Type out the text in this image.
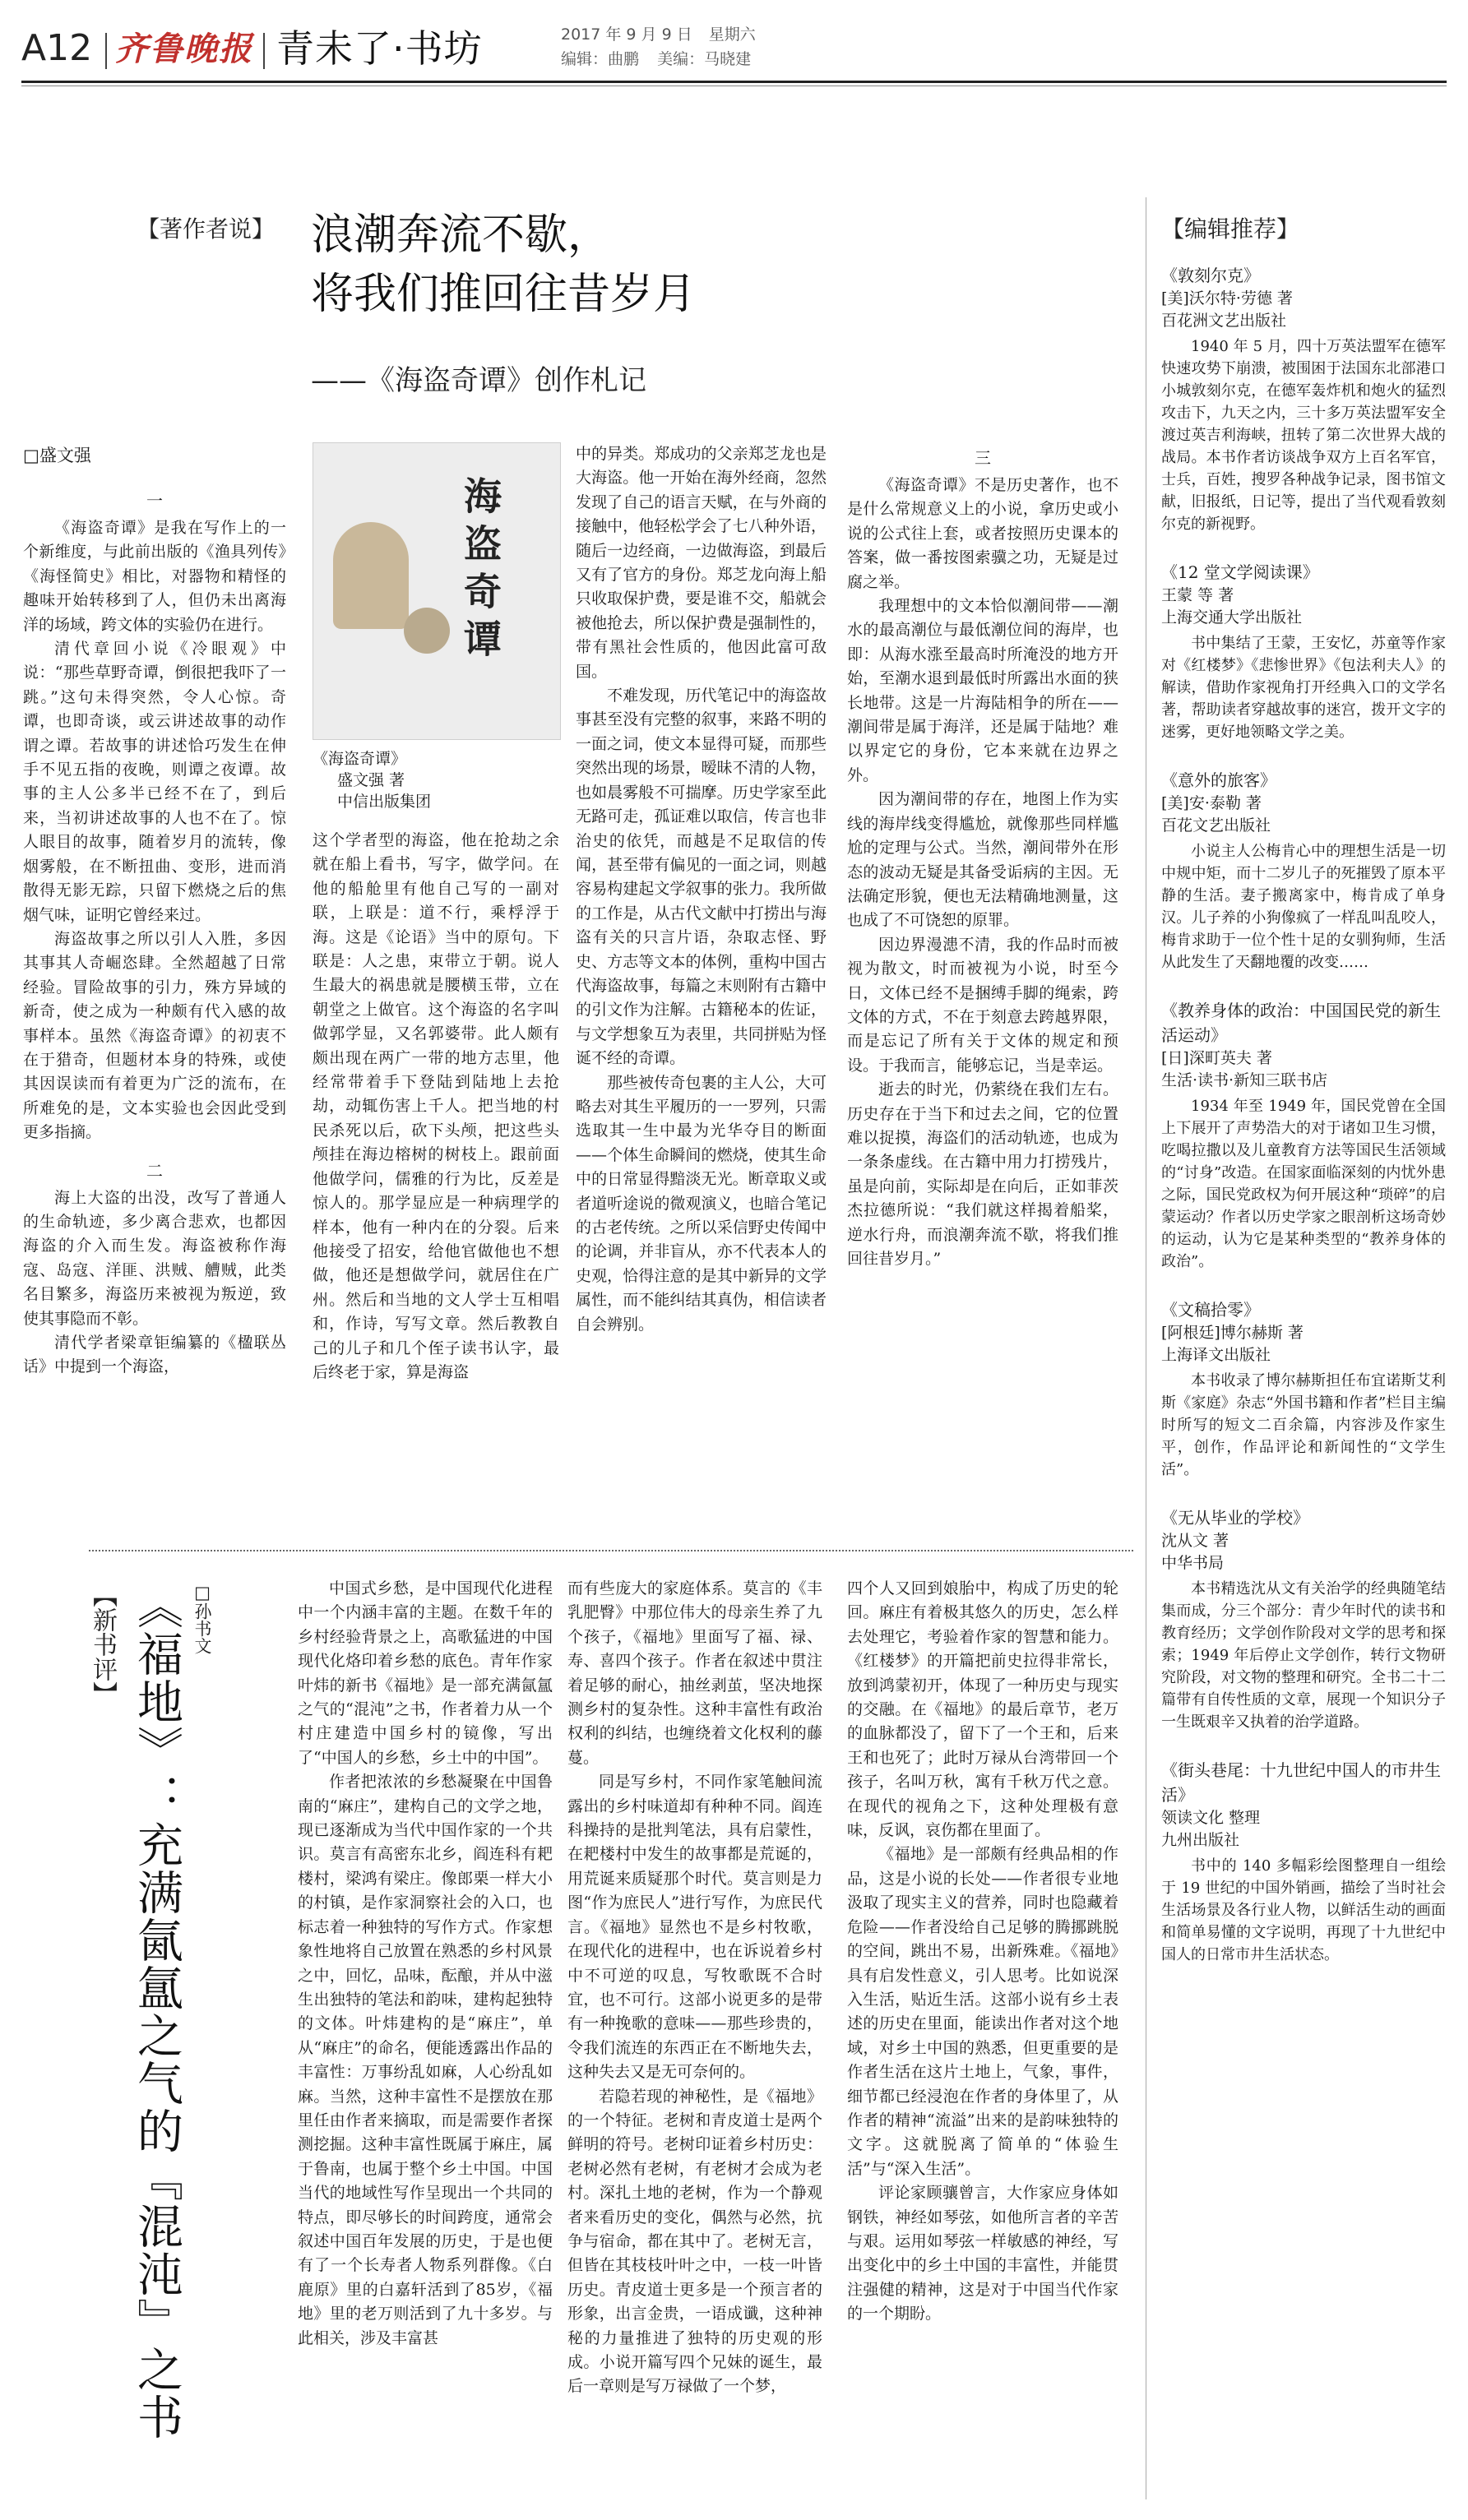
A12 齐鲁晚报 青未了·书坊	2017 年 9 月 9 日 星期六
编辑：曲鹏 美编：马晓建
【著作者说】 浪潮奔流不歇，
将我们推回往昔岁月
——《海盗奇谭》创作札记
□盛文强

一

《海盗奇谭》是我在写作上的一个新维度，与此前出版的《渔具列传》《海怪简史》相比，对器物和精怪的趣味开始转移到了人，但仍未出离海洋的场域，跨文体的实验仍在进行。

清代章回小说《冷眼观》中说：“那些草野奇谭，倒很把我吓了一跳。”这句未得突然，令人心惊。奇谭，也即奇谈，或云讲述故事的动作谓之谭。若故事的讲述恰巧发生在伸手不见五指的夜晚，则谭之夜谭。故事的主人公多半已经不在了，到后来，当初讲述故事的人也不在了。惊人眼目的故事，随着岁月的流转，像烟雾般，在不断扭曲、变形，进而消散得无影无踪，只留下燃烧之后的焦烟气味，证明它曾经来过。

海盗故事之所以引人入胜，多因其事其人奇崛恣肆。全然超越了日常经验。冒险故事的引力，殊方异域的新奇，使之成为一种颇有代入感的故事样本。虽然《海盗奇谭》的初衷不在于猎奇，但题材本身的特殊，或使其因误读而有着更为广泛的流布，在所难免的是，文本实验也会因此受到更多指摘。

二

海上大盗的出没，改写了普通人的生命轨迹，多少离合悲欢，也都因海盗的介入而生发。海盗被称作海寇、岛寇、洋匪、洪贼、艚贼，此类名目繁多，海盗历来被视为叛逆，致使其事隐而不彰。

清代学者梁章钜编纂的《楹联丛话》中提到一个海盗，

海盗奇谭
《海盗奇谭》
盛文强 著
中信出版集团

这个学者型的海盗，他在抢劫之余就在船上看书，写字，做学问。在他的船舱里有他自己写的一副对联，上联是：道不行，乘桴浮于海。这是《论语》当中的原句。下联是：人之患，束带立于朝。说人生最大的祸患就是腰横玉带，立在朝堂之上做官。这个海盗的名字叫做郭学显，又名郭婆带。此人颇有颇出现在两广一带的地方志里，他经常带着手下登陆到陆地上去抢劫，动辄伤害上千人。把当地的村民杀死以后，砍下头颅，把这些头颅挂在海边榕树的树枝上。跟前面他做学问，儒雅的行为比，反差是惊人的。那学显应是一种病理学的样本，他有一种内在的分裂。后来他接受了招安，给他官做他也不想做，他还是想做学问，就居住在广州。然后和当地的文人学士互相唱和，作诗，写写文章。然后教教自己的儿子和几个侄子读书认字，最后终老于家，算是海盗

中的异类。郑成功的父亲郑芝龙也是大海盗。他一开始在海外经商，忽然发现了自己的语言天赋，在与外商的接触中，他轻松学会了七八种外语，随后一边经商，一边做海盗，到最后又有了官方的身份。郑芝龙向海上船只收取保护费，要是谁不交，船就会被他抢去，所以保护费是强制性的，带有黑社会性质的，他因此富可敌国。

不难发现，历代笔记中的海盗故事甚至没有完整的叙事，来路不明的一面之词，使文本显得可疑，而那些突然出现的场景，暧昧不清的人物，也如晨雾般不可揣摩。历史学家至此无路可走，孤证难以取信，传言也非治史的依凭，而越是不足取信的传闻，甚至带有偏见的一面之词，则越容易构建起文学叙事的张力。我所做的工作是，从古代文献中打捞出与海盗有关的只言片语，杂取志怪、野史、方志等文本的体例，重构中国古代海盗故事，每篇之末则附有古籍中的引文作为注解。古籍秘本的佐证，与文学想象互为表里，共同拼贴为怪诞不经的奇谭。

那些被传奇包裹的主人公，大可略去对其生平履历的一一罗列，只需选取其一生中最为光华夺目的断面——个体生命瞬间的燃烧，使其生命中的日常显得黯淡无光。断章取义或者道听途说的微观演义，也暗合笔记的古老传统。之所以采信野史传闻中的论调，并非盲从，亦不代表本人的史观，恰得注意的是其中新异的文学属性，而不能纠结其真伪，相信读者自会辨别。

三

《海盗奇谭》不是历史著作，也不是什么常规意义上的小说，拿历史或小说的公式往上套，或者按照历史课本的答案，做一番按图索骥之功，无疑是过腐之举。

我理想中的文本恰似潮间带——潮水的最高潮位与最低潮位间的海岸，也即：从海水涨至最高时所淹没的地方开始，至潮水退到最低时所露出水面的狭长地带。这是一片海陆相争的所在——潮间带是属于海洋，还是属于陆地？难以界定它的身份，它本来就在边界之外。

因为潮间带的存在，地图上作为实线的海岸线变得尴尬，就像那些同样尴尬的定理与公式。当然，潮间带外在形态的波动无疑是其备受诟病的主因。无法确定形貌，便也无法精确地测量，这也成了不可饶恕的原罪。

因边界漫漶不清，我的作品时而被视为散文，时而被视为小说，时至今日，文体已经不是捆缚手脚的绳索，跨文体的方式，不在于刻意去跨越界限，而是忘记了所有关于文体的规定和预设。于我而言，能够忘记，当是幸运。

逝去的时光，仍萦绕在我们左右。历史存在于当下和过去之间，它的位置难以捉摸，海盗们的活动轨迹，也成为一条条虚线。在古籍中用力打捞残片，虽是向前，实际却是在向后，正如菲茨杰拉德所说：“我们就这样揭着船桨，逆水行舟，而浪潮奔流不歇，将我们推回往昔岁月。”

【新书评】 《福地》：充满氤氲之气的『混沌』之书 □孙书文	中国式乡愁，是中国现代化进程中一个内涵丰富的主题。在数千年的乡村经验背景之上，高歌猛进的中国现代化烙印着乡愁的底色。青年作家叶炜的新书《福地》是一部充满氤氲之气的“混沌”之书，作者着力从一个村庄建造中国乡村的镜像，写出了“中国人的乡愁，乡土中的中国”。

作者把浓浓的乡愁凝聚在中国鲁南的“麻庄”，建构自己的文学之地，现已逐渐成为当代中国作家的一个共识。莫言有高密东北乡，阎连科有耙楼村，梁鸿有梁庄。像郎栗一样大小的村镇，是作家洞察社会的入口，也标志着一种独特的写作方式。作家想象性地将自己放置在熟悉的乡村风景之中，回忆，品味，酝酿，并从中滋生出独特的笔法和韵味，建构起独特的文体。叶炜建构的是“麻庄”，单从“麻庄”的命名，便能透露出作品的丰富性：万事纷乱如麻，人心纷乱如麻。当然，这种丰富性不是摆放在那里任由作者来摘取，而是需要作者探测挖掘。这种丰富性既属于麻庄，属于鲁南，也属于整个乡土中国。中国当代的地域性写作呈现出一个共同的特点，即尽够长的时间跨度，通常会叙述中国百年发展的历史，于是也便有了一个长寿者人物系列群像。《白鹿原》里的白嘉轩活到了85岁，《福地》里的老万则活到了九十多岁。与此相关，涉及丰富甚

而有些庞大的家庭体系。莫言的《丰乳肥臀》中那位伟大的母亲生养了九个孩子，《福地》里面写了福、禄、寿、喜四个孩子。作者在叙述中贯注着足够的耐心，抽丝剥茧，坚决地探测乡村的复杂性。这种丰富性有政治权利的纠结，也缠绕着文化权利的藤蔓。

同是写乡村，不同作家笔触间流露出的乡村味道却有种种不同。阎连科操持的是批判笔法，具有启蒙性，在耙楼村中发生的故事都是荒诞的，用荒诞来质疑那个时代。莫言则是力图“作为庶民人”进行写作，为庶民代言。《福地》显然也不是乡村牧歌，在现代化的进程中，也在诉说着乡村中不可逆的叹息，写牧歌既不合时宜，也不可行。这部小说更多的是带有一种挽歌的意味——那些珍贵的，令我们流连的东西正在不断地失去，这种失去又是无可奈何的。

若隐若现的神秘性，是《福地》的一个特征。老树和青皮道士是两个鲜明的符号。老树印证着乡村历史：老树必然有老树，有老树才会成为老村。深扎土地的老树，作为一个静观者来看历史的变化，偶然与必然，抗争与宿命，都在其中了。老树无言，但皆在其枝枝叶叶之中，一枝一叶皆历史。青皮道士更多是一个预言者的形象，出言金贵，一语成谶，这种神秘的力量推进了独特的历史观的形成。小说开篇写四个兄妹的诞生，最后一章则是写万禄做了一个梦，

四个人又回到娘胎中，构成了历史的轮回。麻庄有着极其悠久的历史，怎么样去处理它，考验着作家的智慧和能力。《红楼梦》的开篇把前史拉得非常长，放到鸿蒙初开，体现了一种历史与现实的交融。在《福地》的最后章节，老万的血脉都没了，留下了一个王和，后来王和也死了；此时万禄从台湾带回一个孩子，名叫万秋，寓有千秋万代之意。在现代的视角之下，这种处理极有意味，反讽，哀伤都在里面了。

《福地》是一部颇有经典品相的作品，这是小说的长处——作者很专业地汲取了现实主义的营养，同时也隐藏着危险——作者没给自己足够的腾挪跳脱的空间，跳出不易，出新殊难。《福地》具有启发性意义，引人思考。比如说深入生活，贴近生活。这部小说有乡土表述的历史在里面，能读出作者对这个地域，对乡土中国的熟悉，但更重要的是作者生活在这片土地上，气象，事件，细节都已经浸泡在作者的身体里了，从作者的精神“流溢”出来的是韵味独特的文字。这就脱离了简单的“体验生活”与“深入生活”。

评论家顾骧曾言，大作家应身体如钢铁，神经如琴弦，如他所言者的辛苦与艰。运用如琴弦一样敏感的神经，写出变化中的乡土中国的丰富性，并能贯注强健的精神，这是对于中国当代作家的一个期盼。

【编辑推荐】

《敦刻尔克》

[美]沃尔特·劳德 著

百花洲文艺出版社

1940 年 5 月，四十万英法盟军在德军快速攻势下崩溃，被围困于法国东北部港口小城敦刻尔克，在德军轰炸机和炮火的猛烈攻击下，九天之内，三十多万英法盟军安全渡过英吉利海峡，扭转了第二次世界大战的战局。本书作者访谈战争双方上百名军官，士兵，百姓，搜罗各种战争记录，图书馆文献，旧报纸，日记等，提出了当代观看敦刻尔克的新视野。

《12 堂文学阅读课》

王蒙 等 著

上海交通大学出版社

书中集结了王蒙，王安忆，苏童等作家对《红楼梦》《悲惨世界》《包法利夫人》的解读，借助作家视角打开经典入口的文学名著，帮助读者穿越故事的迷宫，拨开文字的迷雾，更好地领略文学之美。

《意外的旅客》

[美]安·泰勒 著

百花文艺出版社

小说主人公梅肯心中的理想生活是一切中规中矩，而十二岁儿子的死摧毁了原本平静的生活。妻子搬离家中，梅肯成了单身汉。儿子养的小狗像疯了一样乱叫乱咬人，梅肯求助于一位个性十足的女驯狗师，生活从此发生了天翻地覆的改变……

《教养身体的政治：中国国民党的新生活运动》

[日]深町英夫 著

生活·读书·新知三联书店

1934 年至 1949 年，国民党曾在全国上下展开了声势浩大的对于诸如卫生习惯，吃喝拉撒以及儿童教育方法等国民生活领域的“讨身”改造。在国家面临深刻的内忧外患之际，国民党政权为何开展这种“琐碎”的启蒙运动？作者以历史学家之眼剖析这场奇妙的运动，认为它是某种类型的“教养身体的政治”。

《文稿拾零》

[阿根廷]博尔赫斯 著

上海译文出版社

本书收录了博尔赫斯担任布宜诺斯艾利斯《家庭》杂志“外国书籍和作者”栏目主编时所写的短文二百余篇，内容涉及作家生平，创作，作品评论和新闻性的“文学生活”。

《无从毕业的学校》

沈从文 著

中华书局

本书精选沈从文有关治学的经典随笔结集而成，分三个部分：青少年时代的读书和教育经历；文学创作阶段对文学的思考和探索；1949 年后停止文学创作，转行文物研究阶段，对文物的整理和研究。全书二十二篇带有自传性质的文章，展现一个知识分子一生既艰辛又执着的治学道路。

《街头巷尾：十九世纪中国人的市井生活》

领读文化 整理

九州出版社

书中的 140 多幅彩绘图整理自一组绘于 19 世纪的中国外销画，描绘了当时社会生活场景及各行业人物，以鲜活生动的画面和简单易懂的文字说明，再现了十九世纪中国人的日常市井生活状态。
